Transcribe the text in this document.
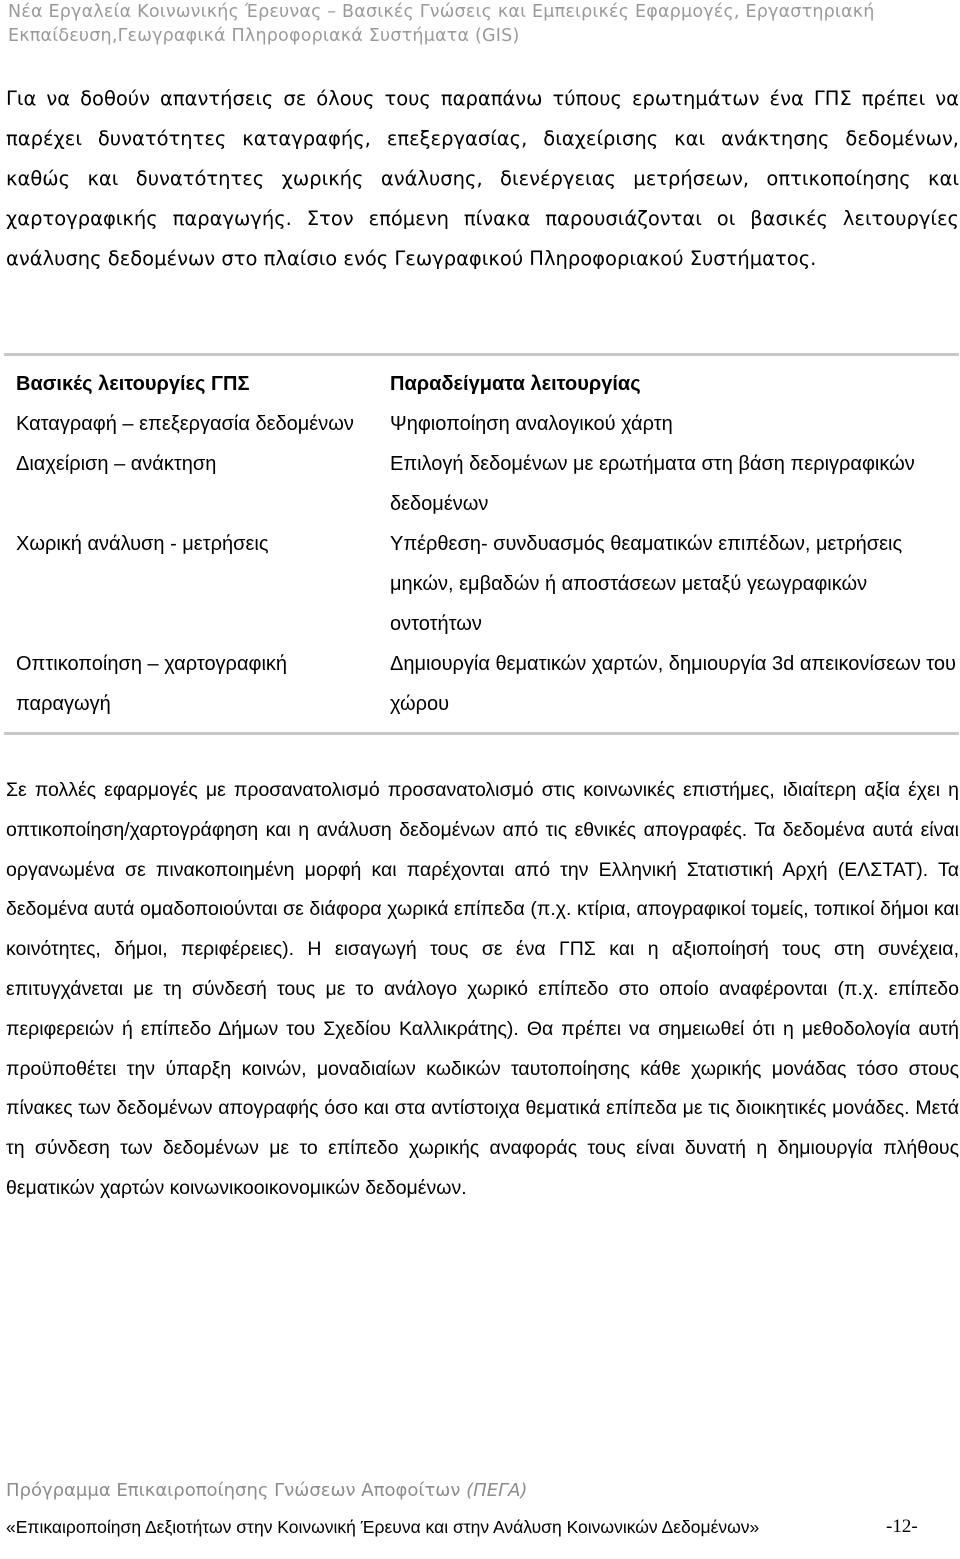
Νέα Εργαλεία Κοινωνικής Έρευνας – Βασικές Γνώσεις και Εμπειρικές Εφαρμογές, Εργαστηριακή
Εκπαίδευση,Γεωγραφικά Πληροφοριακά Συστήματα (GIS)

Για να δοθούν απαντήσεις σε όλους τους παραπάνω τύπους ερωτημάτων ένα ΓΠΣ πρέπει να παρέχει δυνατότητες καταγραφής, επεξεργασίας, διαχείρισης και ανάκτησης δεδομένων, καθώς και δυνατότητες χωρικής ανάλυσης, διενέργειας μετρήσεων, οπτικοποίησης και χαρτογραφικής παραγωγής. Στον επόμενη πίνακα παρουσιάζονται οι βασικές λειτουργίες ανάλυσης δεδομένων στο πλαίσιο ενός Γεωγραφικού Πληροφοριακού Συστήματος.

Βασικές λειτουργίες ΓΠΣ	Παραδείγματα λειτουργίας
Καταγραφή – επεξεργασία δεδομένων	Ψηφιοποίηση αναλογικού χάρτη
Διαχείριση – ανάκτηση	Επιλογή δεδομένων με ερωτήματα στη βάση περιγραφικών δεδομένων
Χωρική ανάλυση - μετρήσεις	Υπέρθεση- συνδυασμός θεαματικών επιπέδων, μετρήσεις μηκών, εμβαδών ή αποστάσεων μεταξύ γεωγραφικών οντοτήτων
Οπτικοποίηση – χαρτογραφική παραγωγή	Δημιουργία θεματικών χαρτών, δημιουργία 3d απεικονίσεων του χώρου

Σε πολλές εφαρμογές με προσανατολισμό προσανατολισμό στις κοινωνικές επιστήμες, ιδιαίτερη αξία έχει η οπτικοποίηση/χαρτογράφηση και η ανάλυση δεδομένων από τις εθνικές απογραφές. Τα δεδομένα αυτά είναι οργανωμένα σε πινακοποιημένη μορφή και παρέχονται από την Ελληνική Στατιστική Αρχή (ΕΛΣΤΑΤ). Τα δεδομένα αυτά ομαδοποιούνται σε διάφορα χωρικά επίπεδα (π.χ. κτίρια, απογραφικοί τομείς, τοπικοί δήμοι και κοινότητες, δήμοι, περιφέρειες). Η εισαγωγή τους σε ένα ΓΠΣ και η αξιοποίησή τους στη συνέχεια, επιτυγχάνεται με τη σύνδεσή τους με το ανάλογο χωρικό επίπεδο στο οποίο αναφέρονται (π.χ. επίπεδο περιφερειών ή επίπεδο Δήμων του Σχεδίου Καλλικράτης). Θα πρέπει να σημειωθεί ότι η μεθοδολογία αυτή προϋποθέτει την ύπαρξη κοινών, μοναδιαίων κωδικών ταυτοποίησης κάθε χωρικής μονάδας τόσο στους πίνακες των δεδομένων απογραφής όσο και στα αντίστοιχα θεματικά επίπεδα με τις διοικητικές μονάδες. Μετά τη σύνδεση των δεδομένων με το επίπεδο χωρικής αναφοράς τους είναι δυνατή η δημιουργία πλήθους θεματικών χαρτών κοινωνικοοικονομικών δεδομένων.

Πρόγραμμα Επικαιροποίησης Γνώσεων Αποφοίτων (ΠΕΓΑ)
«Επικαιροποίηση Δεξιοτήτων στην Κοινωνική Έρευνα και στην Ανάλυση Κοινωνικών Δεδομένων»	-12-
